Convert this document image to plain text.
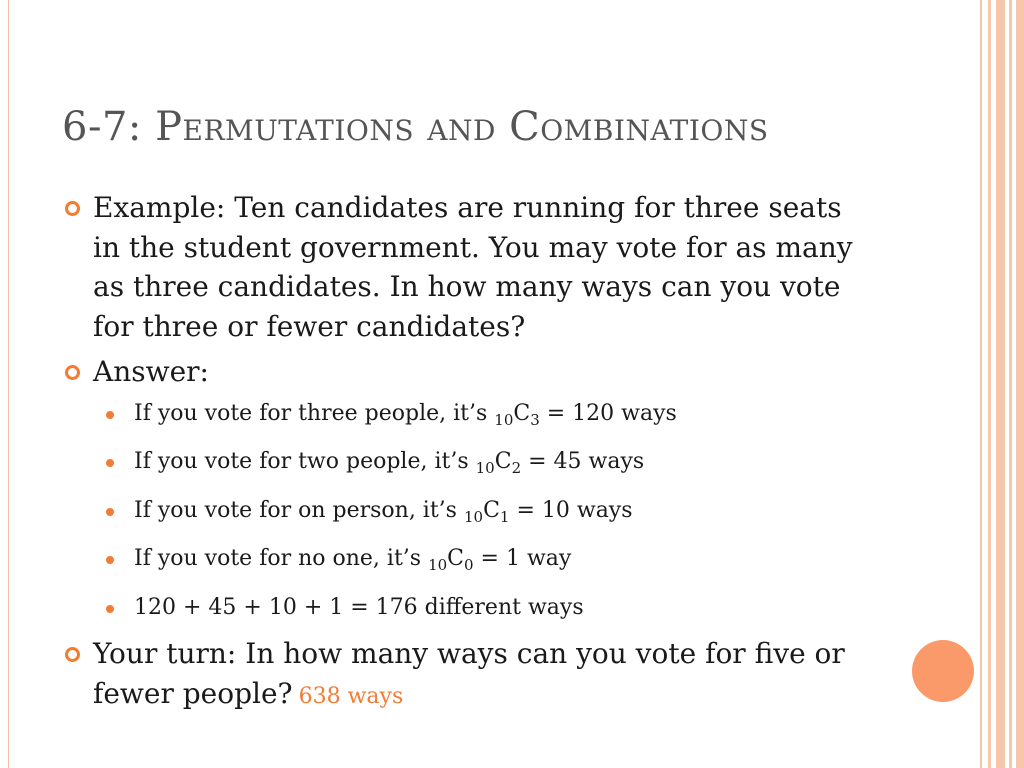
6-7: Permutations and Combinations
Example: Ten candidates are running for three seats in the student government. You may vote for as many as three candidates. In how many ways can you vote for three or fewer candidates?
Answer:
If you vote for three people, it’s $_{10}C_3 = 120$ ways
If you vote for two people, it’s $_{10}C_2 = 45$ ways
If you vote for on person, it’s $_{10}C_1 = 10$ ways
If you vote for no one, it’s $_{10}C_0 = 1$ way
120 + 45 + 10 + 1 = 176 different ways
Your turn: In how many ways can you vote for five or fewer people? 638 ways
